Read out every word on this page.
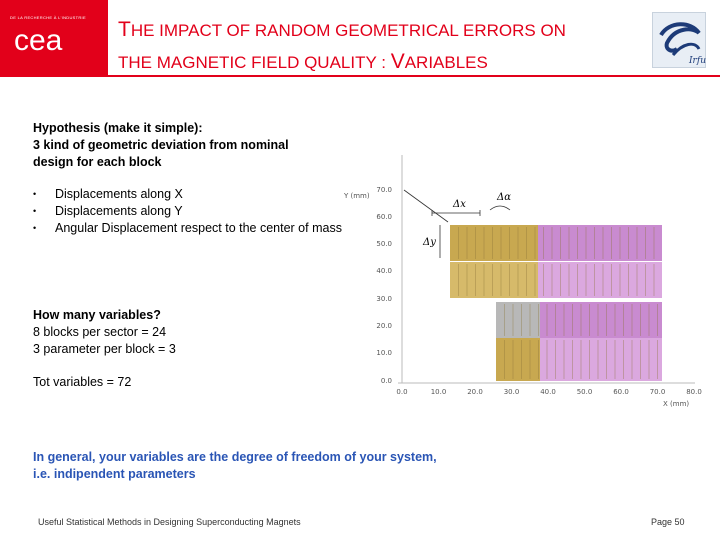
DE LA RECHERCHE À L'INDUSTRIE
cea	THE IMPACT OF RANDOM GEOMETRICAL ERRORS ON
THE MAGNETIC FIELD QUALITY : VARIABLES	Irfu
Hypothesis (make it simple):
3 kind of geometric deviation from nominal
design for each block
• Displacements along X
• Displacements along Y
• Angular Displacement respect to the center of mass
How many variables?
8 blocks per sector = 24
3 parameter per block = 3
Tot variables = 72
In general, your variables are the degree of freedom of your system,
i.e. indipendent parameters
Y (mm)
X (mm)
70.0
60.0
50.0
40.0
30.0
20.0
10.0
0.0
0.0	10.0	20.0	30.0	40.0	50.0	60.0	70.0	80.0
Δx
Δy
Δα
Useful Statistical Methods in Designing Superconducting Magnets	Page 50
